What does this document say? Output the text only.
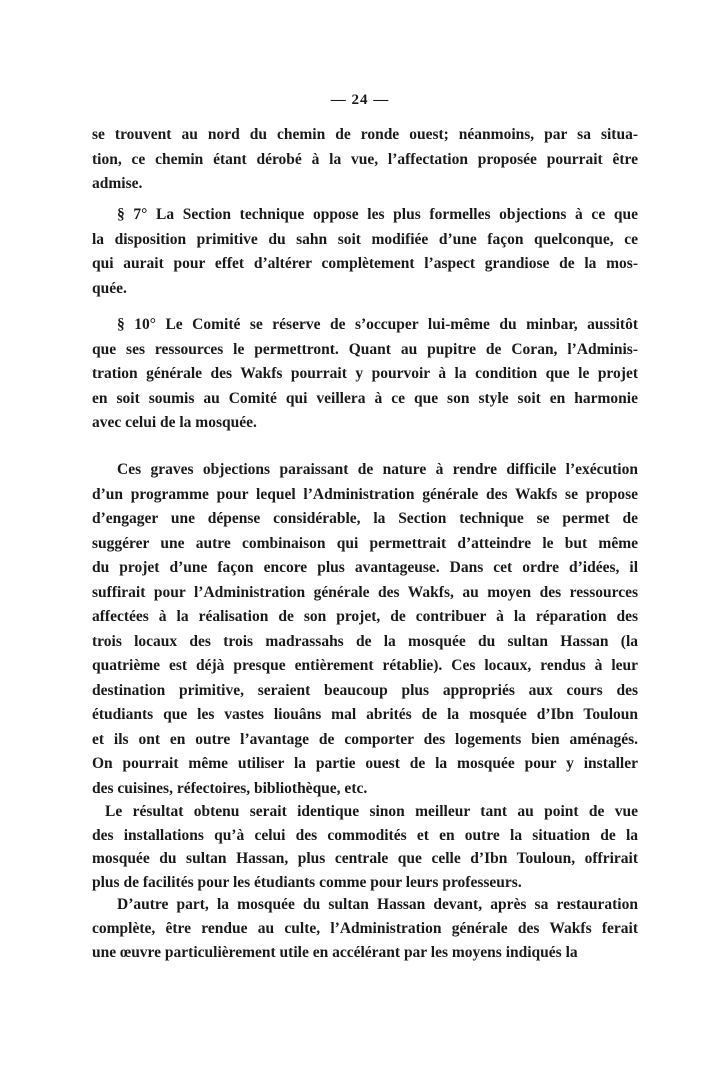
— 24 —
se trouvent au nord du chemin de ronde ouest; néanmoins, par sa situa-
tion, ce chemin étant dérobé à la vue, l’affectation proposée pourrait être
admise.
§ 7° La Section technique oppose les plus formelles objections à ce que
la disposition primitive du sahn soit modifiée d’une façon quelconque, ce
qui aurait pour effet d’altérer complètement l’aspect grandiose de la mos-
quée.
§ 10° Le Comité se réserve de s’occuper lui-même du minbar, aussitôt
que ses ressources le permettront. Quant au pupitre de Coran, l’Adminis-
tration générale des Wakfs pourrait y pourvoir à la condition que le projet
en soit soumis au Comité qui veillera à ce que son style soit en harmonie
avec celui de la mosquée.
Ces graves objections paraissant de nature à rendre difficile l’exécution
d’un programme pour lequel l’Administration générale des Wakfs se propose
d’engager une dépense considérable, la Section technique se permet de
suggérer une autre combinaison qui permettrait d’atteindre le but même
du projet d’une façon encore plus avantageuse. Dans cet ordre d’idées, il
suffirait pour l’Administration générale des Wakfs, au moyen des ressources
affectées à la réalisation de son projet, de contribuer à la réparation des
trois locaux des trois madrassahs de la mosquée du sultan Hassan (la
quatrième est déjà presque entièrement rétablie). Ces locaux, rendus à leur
destination primitive, seraient beaucoup plus appropriés aux cours des
étudiants que les vastes liouâns mal abrités de la mosquée d’Ibn Touloun
et ils ont en outre l’avantage de comporter des logements bien aménagés.
On pourrait même utiliser la partie ouest de la mosquée pour y installer
des cuisines, réfectoires, bibliothèque, etc.
Le résultat obtenu serait identique sinon meilleur tant au point de vue
des installations qu’à celui des commodités et en outre la situation de la
mosquée du sultan Hassan, plus centrale que celle d’Ibn Touloun, offrirait
plus de facilités pour les étudiants comme pour leurs professeurs.
D’autre part, la mosquée du sultan Hassan devant, après sa restauration
complète, être rendue au culte, l’Administration générale des Wakfs ferait
une œuvre particulièrement utile en accélérant par les moyens indiqués la
